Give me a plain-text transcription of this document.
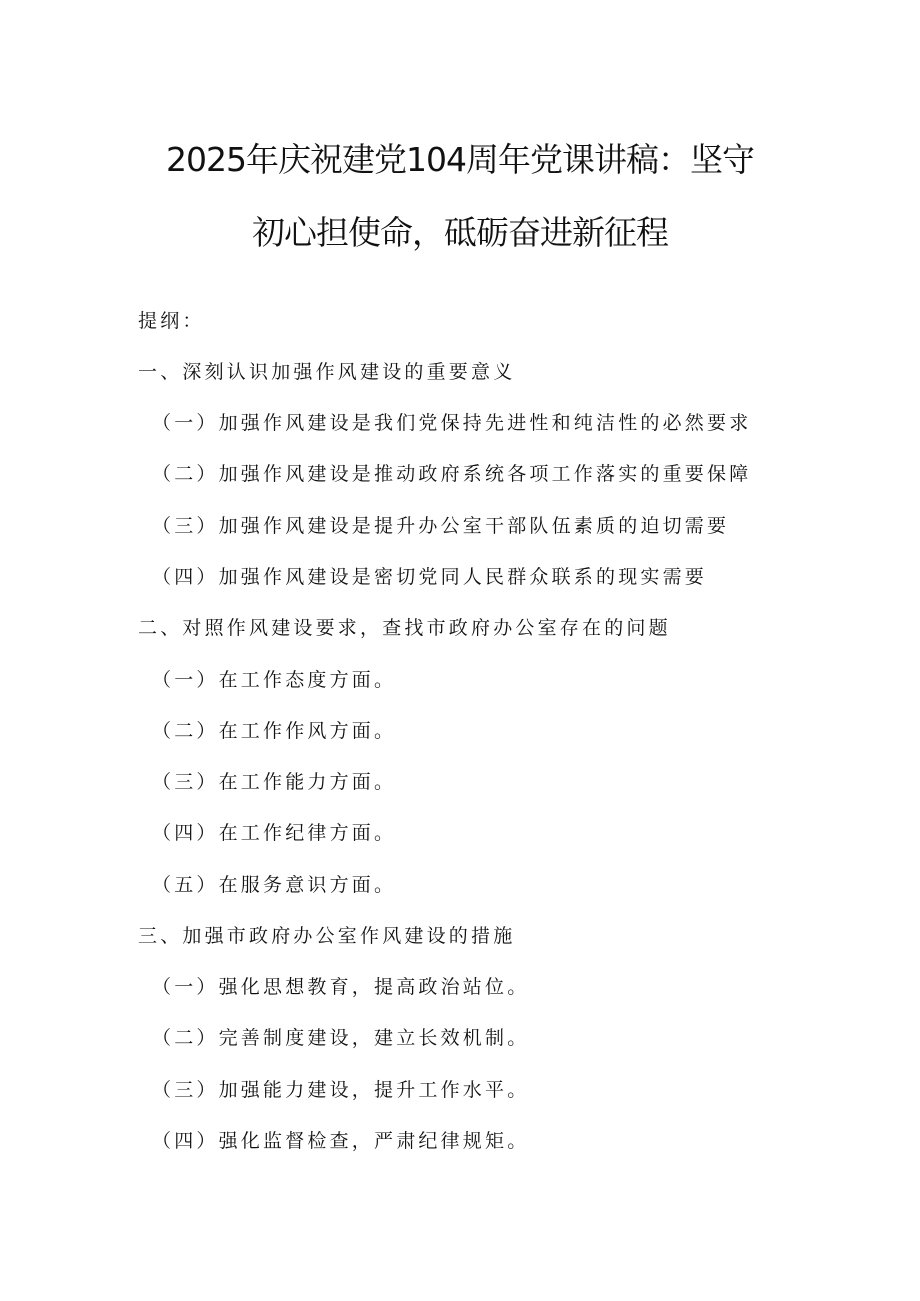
2025年庆祝建党104周年党课讲稿：坚守
初心担使命，砥砺奋进新征程
提纲：
一、深刻认识加强作风建设的重要意义
（一）加强作风建设是我们党保持先进性和纯洁性的必然要求
（二）加强作风建设是推动政府系统各项工作落实的重要保障
（三）加强作风建设是提升办公室干部队伍素质的迫切需要
（四）加强作风建设是密切党同人民群众联系的现实需要
二、对照作风建设要求，查找市政府办公室存在的问题
（一）在工作态度方面。
（二）在工作作风方面。
（三）在工作能力方面。
（四）在工作纪律方面。
（五）在服务意识方面。
三、加强市政府办公室作风建设的措施
（一）强化思想教育，提高政治站位。
（二）完善制度建设，建立长效机制。
（三）加强能力建设，提升工作水平。
（四）强化监督检查，严肃纪律规矩。
